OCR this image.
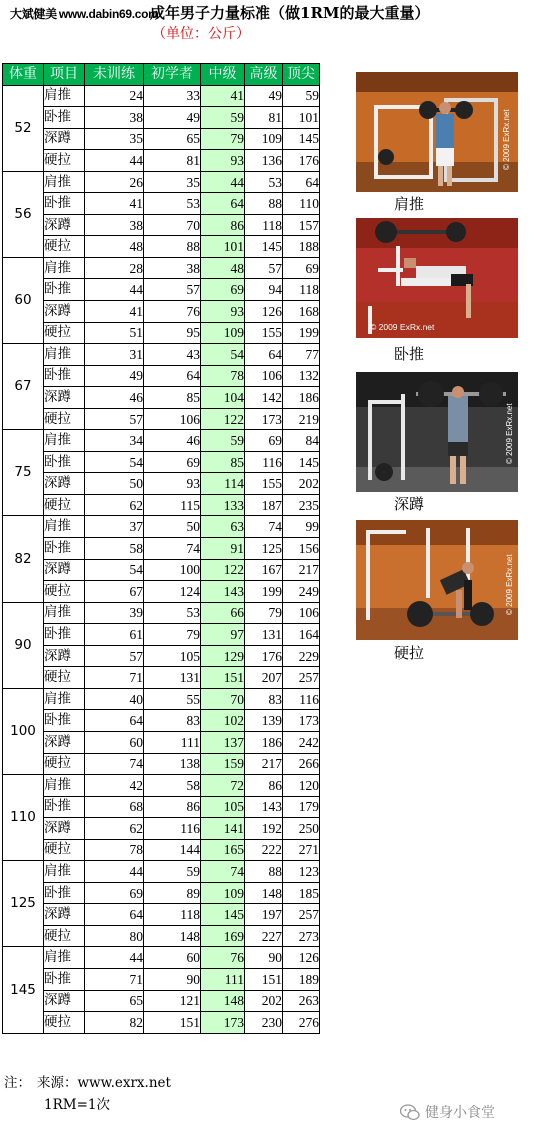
大斌健美 www.dabin69.com
成年男子力量标准（做1RM的最大重量）
（单位：公斤）
体重	项目	未训练	初学者	中级	高级	顶尖
52	肩推	24	33	41	49	59
	卧推	38	49	59	81	101
	深蹲	35	65	79	109	145
	硬拉	44	81	93	136	176
56	肩推	26	35	44	53	64
	卧推	41	53	64	88	110
	深蹲	38	70	86	118	157
	硬拉	48	88	101	145	188
60	肩推	28	38	48	57	69
	卧推	44	57	69	94	118
	深蹲	41	76	93	126	168
	硬拉	51	95	109	155	199
67	肩推	31	43	54	64	77
	卧推	49	64	78	106	132
	深蹲	46	85	104	142	186
	硬拉	57	106	122	173	219
75	肩推	34	46	59	69	84
	卧推	54	69	85	116	145
	深蹲	50	93	114	155	202
	硬拉	62	115	133	187	235
82	肩推	37	50	63	74	99
	卧推	58	74	91	125	156
	深蹲	54	100	122	167	217
	硬拉	67	124	143	199	249
90	肩推	39	53	66	79	106
	卧推	61	79	97	131	164
	深蹲	57	105	129	176	229
	硬拉	71	131	151	207	257
100	肩推	40	55	70	83	116
	卧推	64	83	102	139	173
	深蹲	60	111	137	186	242
	硬拉	74	138	159	217	266
110	肩推	42	58	72	86	120
	卧推	68	86	105	143	179
	深蹲	62	116	141	192	250
	硬拉	78	144	165	222	271
125	肩推	44	59	74	88	123
	卧推	69	89	109	148	185
	深蹲	64	118	145	197	257
	硬拉	80	148	169	227	273
145	肩推	44	60	76	90	126
	卧推	71	90	111	151	189
	深蹲	65	121	148	202	263
	硬拉	82	151	173	230	276
© 2009 ExRx.net
肩推
© 2009 ExRx.net
卧推
© 2009 ExRx.net
深蹲
© 2009 ExRx.net
硬拉
注： 来源：www.exrx.net
1RM=1次	健身小食堂
